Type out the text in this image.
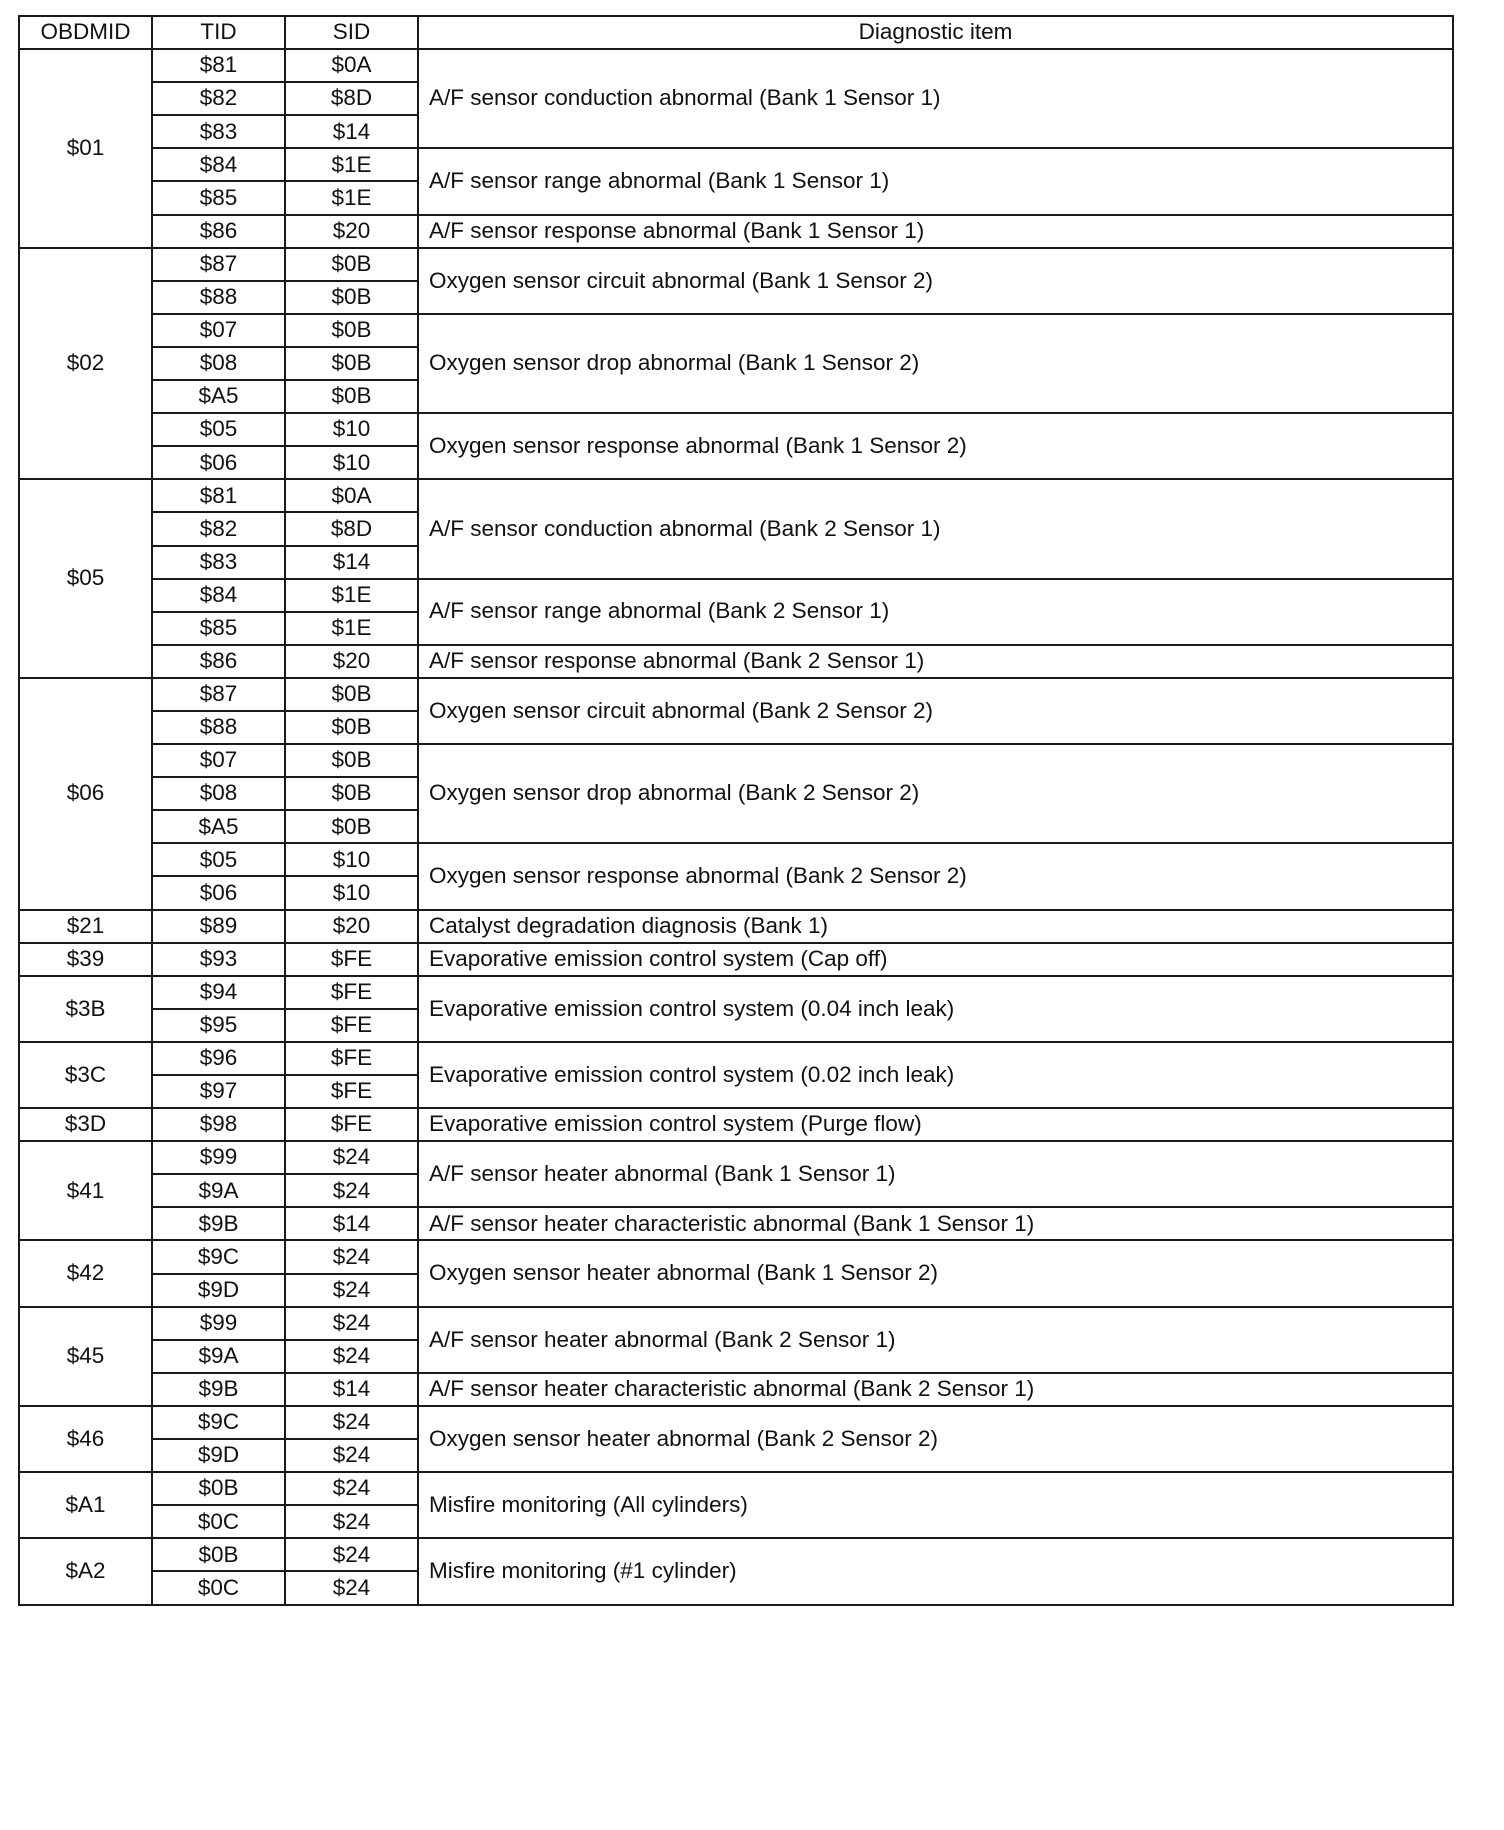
OBDMID	TID	SID	Diagnostic item
$01	$81	$0A	A/F sensor conduction abnormal (Bank 1 Sensor 1)
	$82	$8D	
	$83	$14	
	$84	$1E	A/F sensor range abnormal (Bank 1 Sensor 1)
	$85	$1E	
	$86	$20	A/F sensor response abnormal (Bank 1 Sensor 1)
$02	$87	$0B	Oxygen sensor circuit abnormal (Bank 1 Sensor 2)
	$88	$0B	
	$07	$0B	Oxygen sensor drop abnormal (Bank 1 Sensor 2)
	$08	$0B	
	$A5	$0B	
	$05	$10	Oxygen sensor response abnormal (Bank 1 Sensor 2)
	$06	$10	
$05	$81	$0A	A/F sensor conduction abnormal (Bank 2 Sensor 1)
	$82	$8D	
	$83	$14	
	$84	$1E	A/F sensor range abnormal (Bank 2 Sensor 1)
	$85	$1E	
	$86	$20	A/F sensor response abnormal (Bank 2 Sensor 1)
$06	$87	$0B	Oxygen sensor circuit abnormal (Bank 2 Sensor 2)
	$88	$0B	
	$07	$0B	Oxygen sensor drop abnormal (Bank 2 Sensor 2)
	$08	$0B	
	$A5	$0B	
	$05	$10	Oxygen sensor response abnormal (Bank 2 Sensor 2)
	$06	$10	
$21	$89	$20	Catalyst degradation diagnosis (Bank 1)
$39	$93	$FE	Evaporative emission control system (Cap off)
$3B	$94	$FE	Evaporative emission control system (0.04 inch leak)
	$95	$FE	
$3C	$96	$FE	Evaporative emission control system (0.02 inch leak)
	$97	$FE	
$3D	$98	$FE	Evaporative emission control system (Purge flow)
$41	$99	$24	A/F sensor heater abnormal (Bank 1 Sensor 1)
	$9A	$24	
	$9B	$14	A/F sensor heater characteristic abnormal (Bank 1 Sensor 1)
$42	$9C	$24	Oxygen sensor heater abnormal (Bank 1 Sensor 2)
	$9D	$24	
$45	$99	$24	A/F sensor heater abnormal (Bank 2 Sensor 1)
	$9A	$24	
	$9B	$14	A/F sensor heater characteristic abnormal (Bank 2 Sensor 1)
$46	$9C	$24	Oxygen sensor heater abnormal (Bank 2 Sensor 2)
	$9D	$24	
$A1	$0B	$24	Misfire monitoring (All cylinders)
	$0C	$24	
$A2	$0B	$24	Misfire monitoring (#1 cylinder)
	$0C	$24	
